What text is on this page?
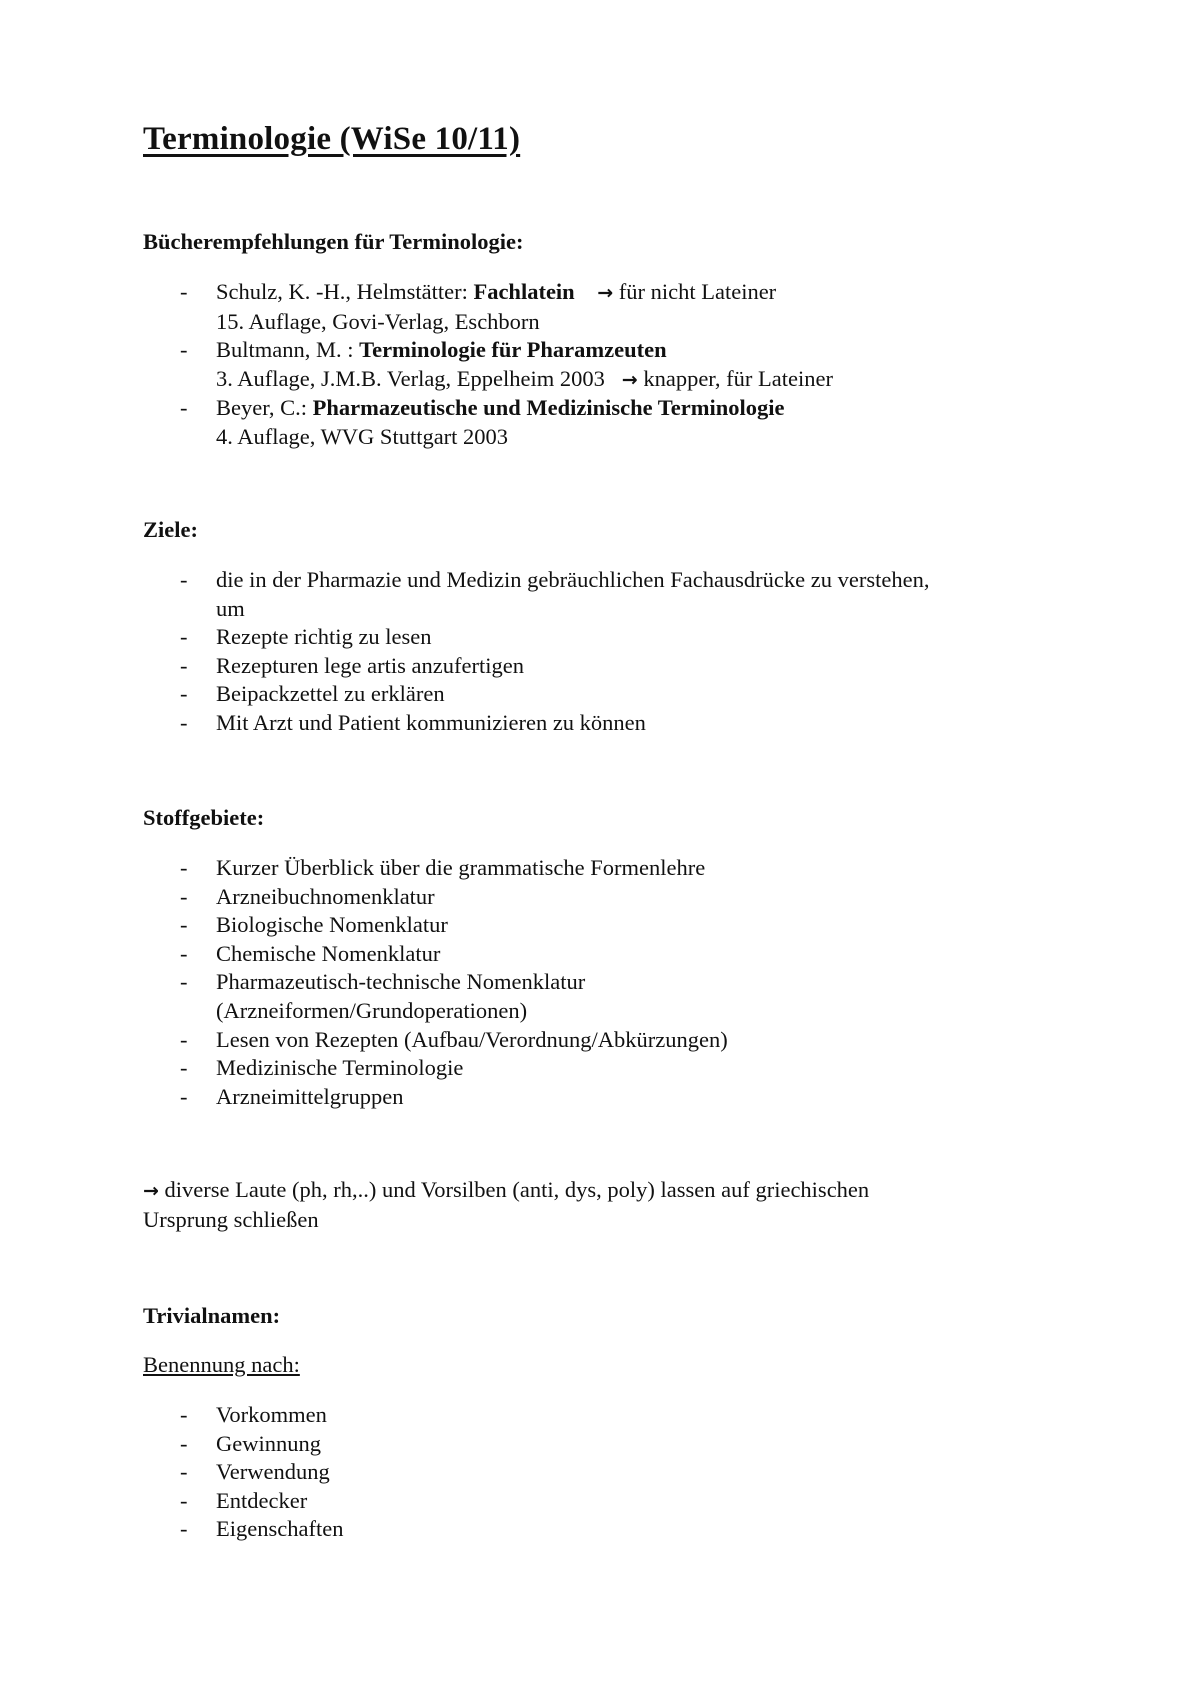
Terminologie (WiSe 10/11)

Bücherempfehlungen für Terminologie:

- Schulz, K. -H., Helmstätter: Fachlatein → für nicht Lateiner
15. Auflage, Govi-Verlag, Eschborn
- Bultmann, M. : Terminologie für Pharamzeuten
3. Auflage, J.M.B. Verlag, Eppelheim 2003 → knapper, für Lateiner
- Beyer, C.: Pharmazeutische und Medizinische Terminologie
4. Auflage, WVG Stuttgart 2003

Ziele:

- die in der Pharmazie und Medizin gebräuchlichen Fachausdrücke zu verstehen,
um
- Rezepte richtig zu lesen
- Rezepturen lege artis anzufertigen
- Beipackzettel zu erklären
- Mit Arzt und Patient kommunizieren zu können

Stoffgebiete:

- Kurzer Überblick über die grammatische Formenlehre
- Arzneibuchnomenklatur
- Biologische Nomenklatur
- Chemische Nomenklatur
- Pharmazeutisch-technische Nomenklatur
(Arzneiformen/Grundoperationen)
- Lesen von Rezepten (Aufbau/Verordnung/Abkürzungen)
- Medizinische Terminologie
- Arzneimittelgruppen

→ diverse Laute (ph, rh,..) und Vorsilben (anti, dys, poly) lassen auf griechischen
Ursprung schließen

Trivialnamen:

Benennung nach:

- Vorkommen
- Gewinnung
- Verwendung
- Entdecker
- Eigenschaften
